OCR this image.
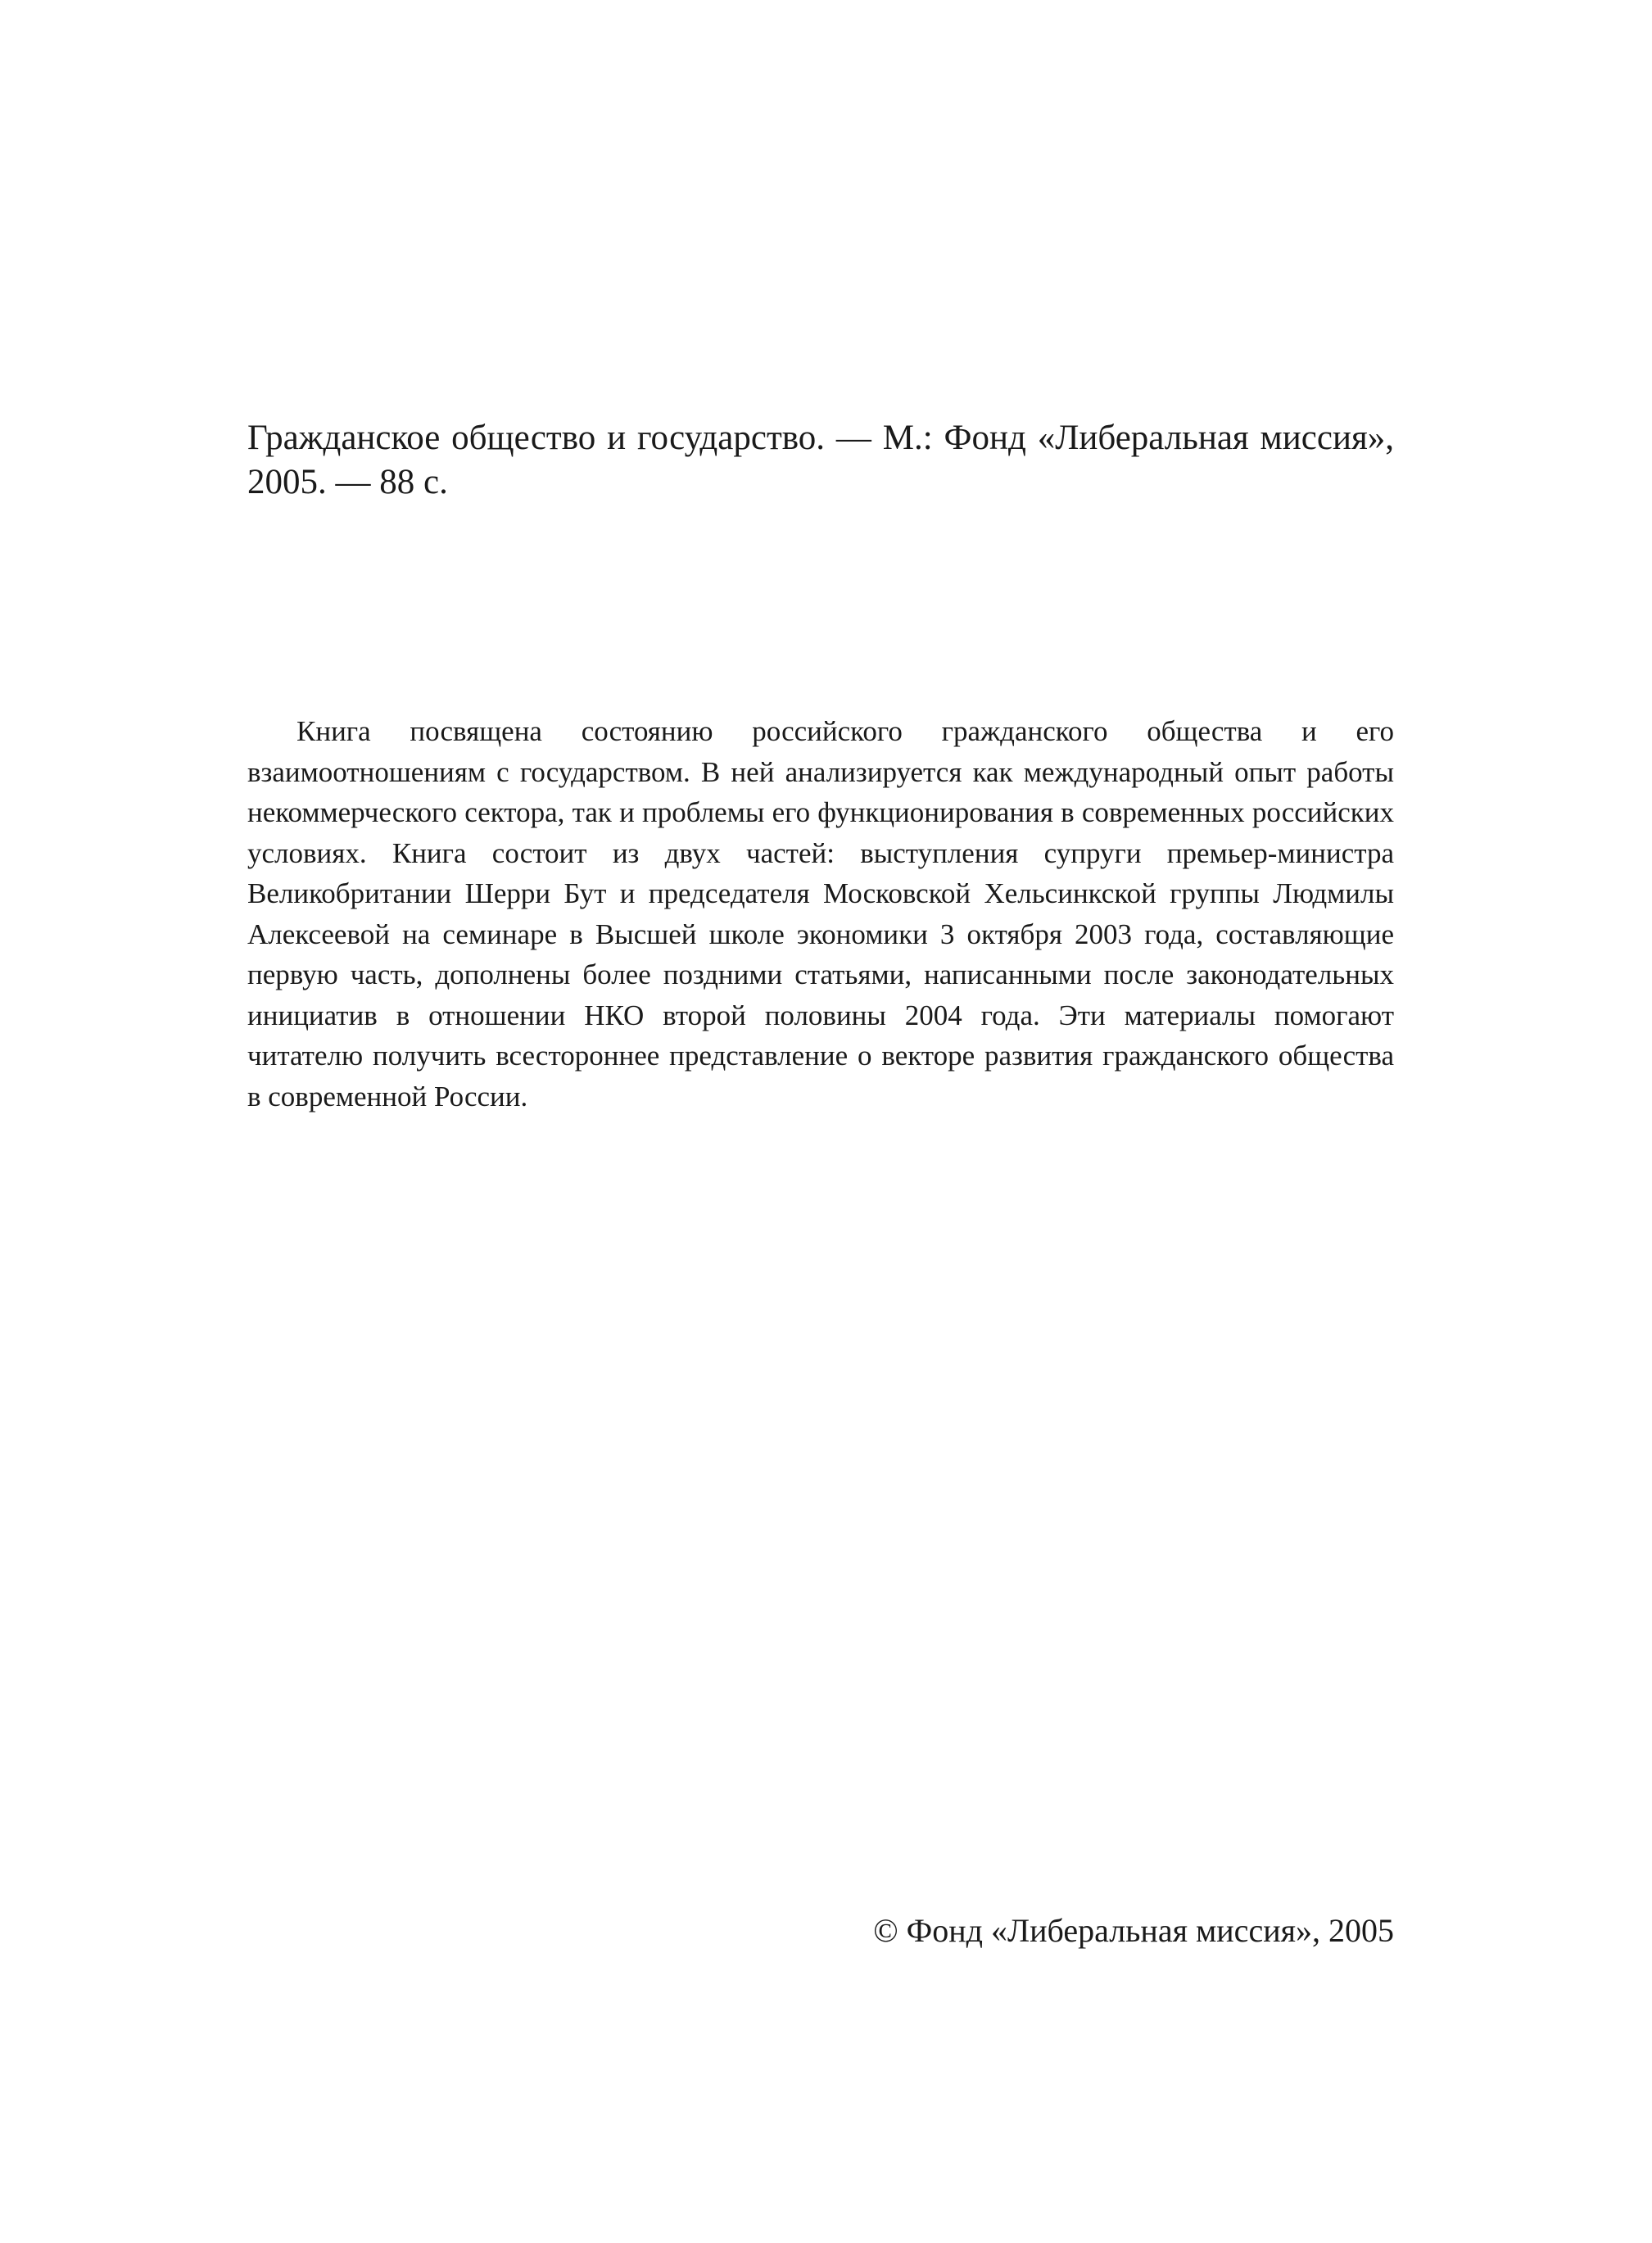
Гражданское общество и государство. — М.: Фонд «Либеральная миссия», 2005. — 88 с.

Книга посвящена состоянию российского гражданского общества и его взаимоотношениям с государством. В ней анализируется как международный опыт работы некоммерческого сектора, так и проблемы его функционирования в современных российских условиях. Книга состоит из двух частей: выступления супруги премьер-министра Великобритании Шерри Бут и председателя Московской Хельсинкской группы Людмилы Алексеевой на семинаре в Высшей школе экономики 3 октября 2003 года, составляющие первую часть, дополнены более поздними статьями, написанными после законодательных инициатив в отношении НКО второй половины 2004 года. Эти материалы помогают читателю получить всестороннее представление о векторе развития гражданского общества в современной России.

© Фонд «Либеральная миссия», 2005
